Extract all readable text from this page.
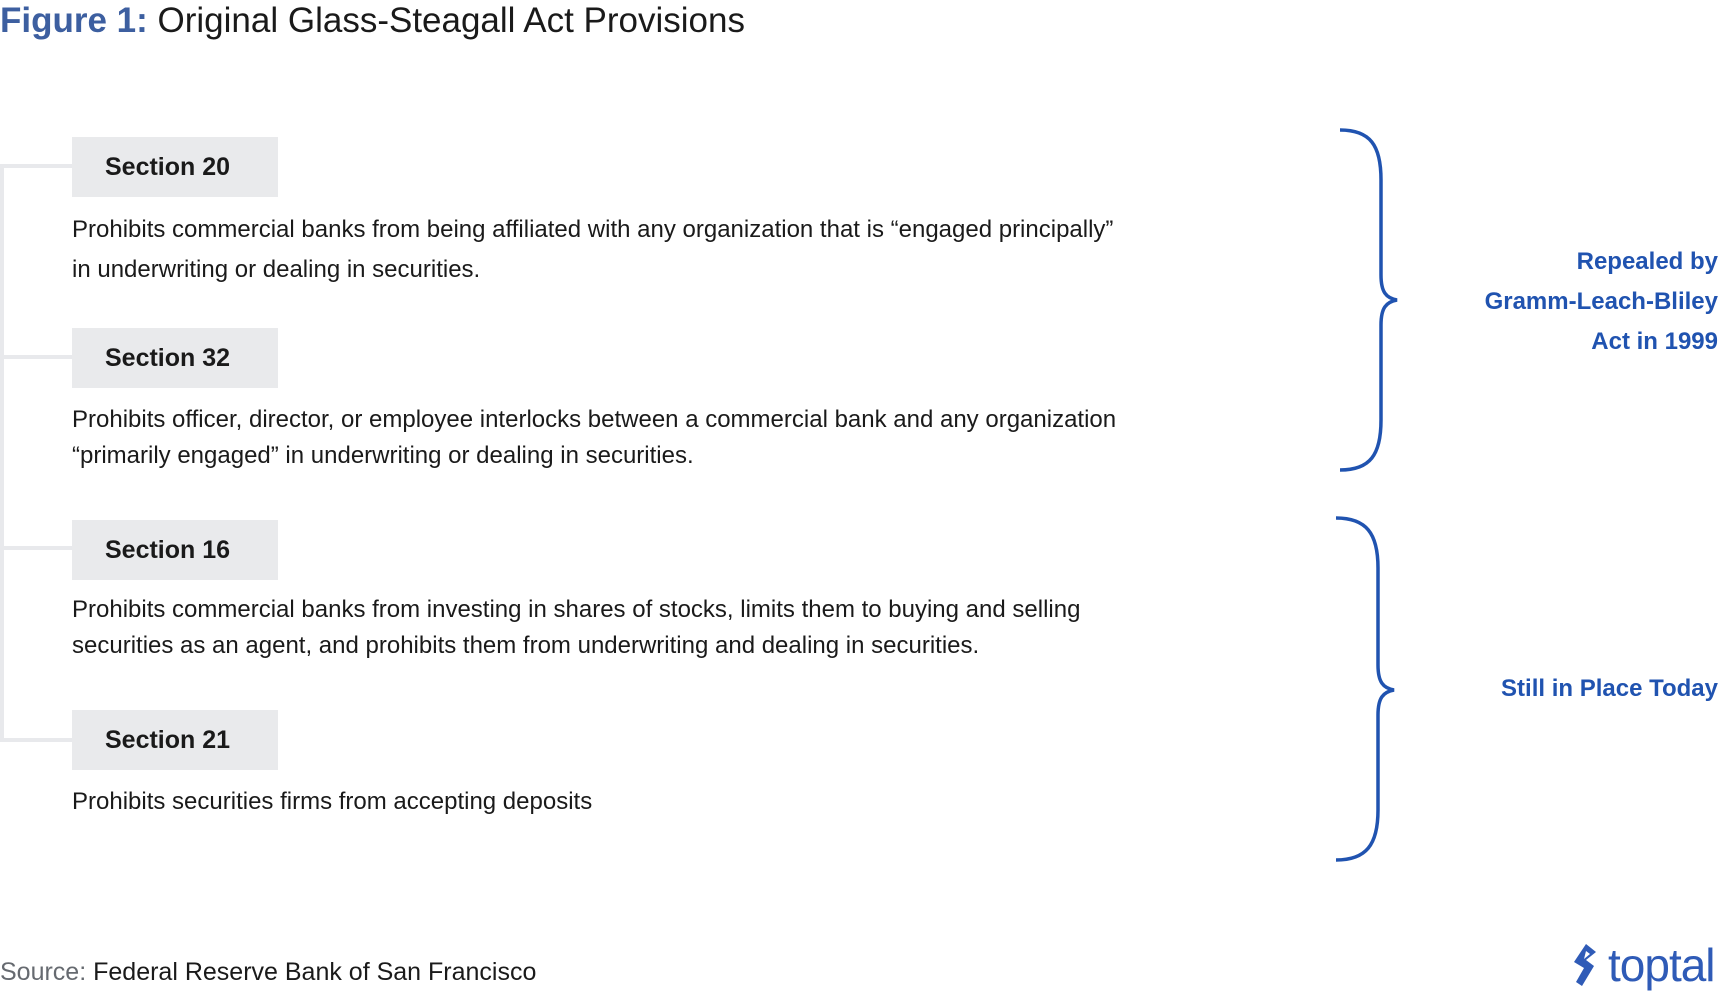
Figure 1: Original Glass-Steagall Act Provisions
Section 20
Prohibits commercial banks from being affiliated with any organization that is “engaged principally”
in underwriting or dealing in securities.
Section 32
Prohibits officer, director, or employee interlocks between a commercial bank and any organization
“primarily engaged” in underwriting or dealing in securities.
Section 16
Prohibits commercial banks from investing in shares of stocks, limits them to buying and selling
securities as an agent, and prohibits them from underwriting and dealing in securities.
Section 21
Prohibits securities firms from accepting deposits
Repealed by
Gramm-Leach-Bliley
Act in 1999
Still in Place Today
Source: Federal Reserve Bank of San Francisco	toptal
